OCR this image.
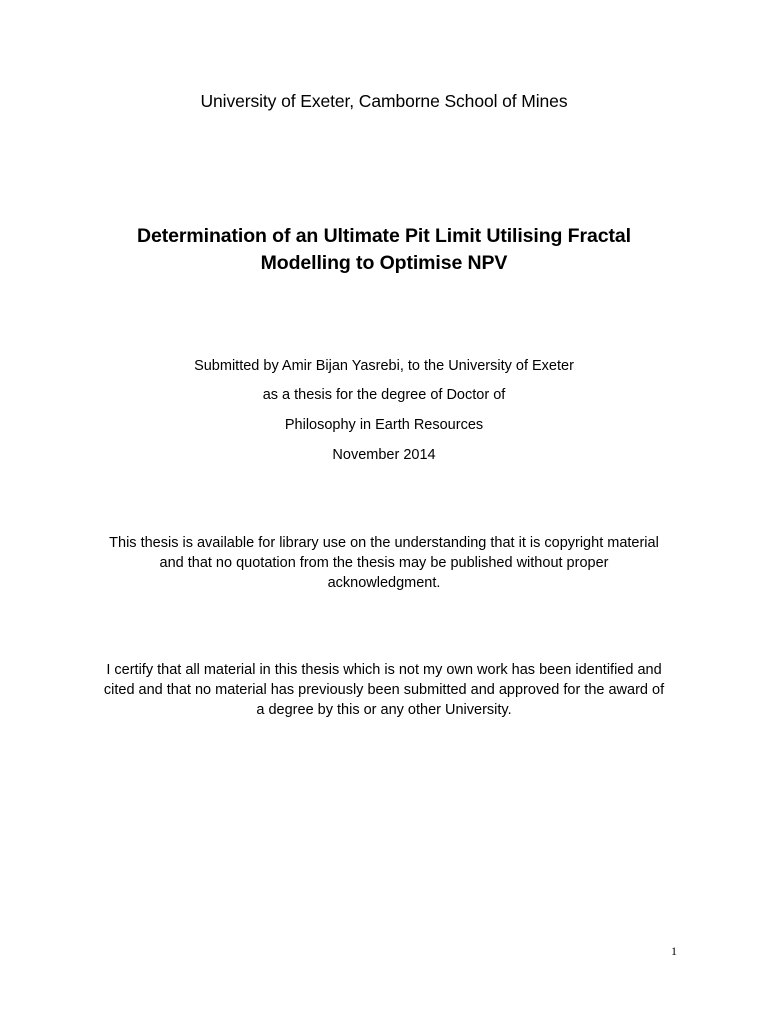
University of Exeter, Camborne School of Mines
Determination of an Ultimate Pit Limit Utilising Fractal
Modelling to Optimise NPV
Submitted by Amir Bijan Yasrebi, to the University of Exeter
as a thesis for the degree of Doctor of
Philosophy in Earth Resources
November 2014
This thesis is available for library use on the understanding that it is copyright material
and that no quotation from the thesis may be published without proper
acknowledgment.
I certify that all material in this thesis which is not my own work has been identified and
cited and that no material has previously been submitted and approved for the award of
a degree by this or any other University.
1
